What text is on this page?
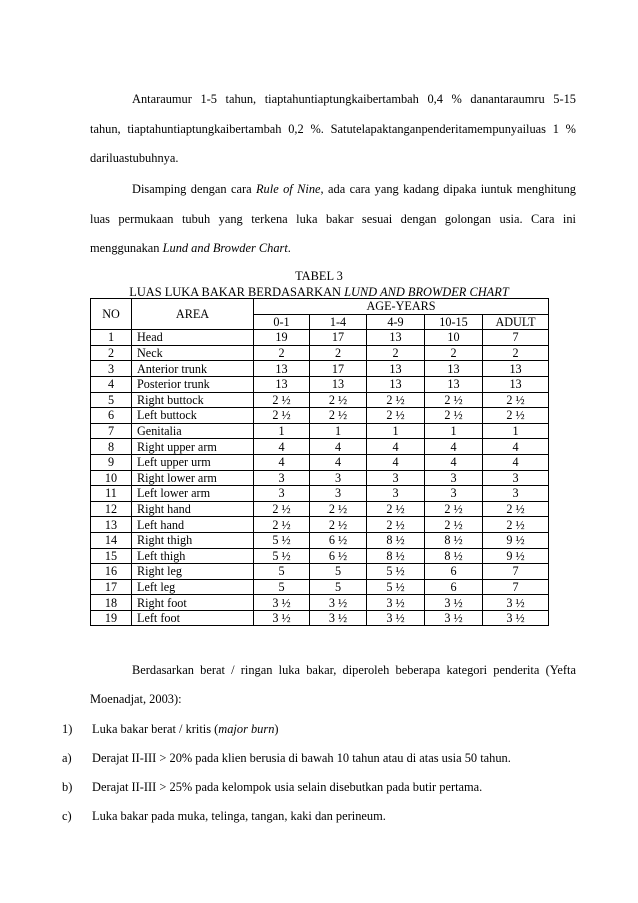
Antaraumur 1-5 tahun, tiaptahuntiaptungkaibertambah 0,4 % danantaraumru 5-15
tahun, tiaptahuntiaptungkaibertambah 0,2 %. Satutelapaktanganpenderitamempunyailuas 1 %
dariluastubuhnya.
Disamping dengan cara Rule of Nine, ada cara yang kadang dipaka iuntuk menghitung
luas permukaan tubuh yang terkena luka bakar sesuai dengan golongan usia. Cara ini
menggunakan Lund and Browder Chart.
TABEL 3
LUAS LUKA BAKAR BERDASARKAN LUND AND BROWDER CHART
NO	AREA	AGE-YEARS				
		0-1	1-4	4-9	10-15	ADULT
1	Head	19	17	13	10	7
2	Neck	2	2	2	2	2
3	Anterior trunk	13	17	13	13	13
4	Posterior trunk	13	13	13	13	13
5	Right buttock	2 ½	2 ½	2 ½	2 ½	2 ½
6	Left buttock	2 ½	2 ½	2 ½	2 ½	2 ½
7	Genitalia	1	1	1	1	1
8	Right upper arm	4	4	4	4	4
9	Left upper urm	4	4	4	4	4
10	Right lower arm	3	3	3	3	3
11	Left lower arm	3	3	3	3	3
12	Right hand	2 ½	2 ½	2 ½	2 ½	2 ½
13	Left hand	2 ½	2 ½	2 ½	2 ½	2 ½
14	Right thigh	5 ½	6 ½	8 ½	8 ½	9 ½
15	Left thigh	5 ½	6 ½	8 ½	8 ½	9 ½
16	Right leg	5	5	5 ½	6	7
17	Left leg	5	5	5 ½	6	7
18	Right foot	3 ½	3 ½	3 ½	3 ½	3 ½
19	Left foot	3 ½	3 ½	3 ½	3 ½	3 ½
Berdasarkan berat / ringan luka bakar, diperoleh beberapa kategori penderita (Yefta
Moenadjat, 2003):
1) Luka bakar berat / kritis (major burn)
a) Derajat II-III > 20% pada klien berusia di bawah 10 tahun atau di atas usia 50 tahun.
b) Derajat II-III > 25% pada kelompok usia selain disebutkan pada butir pertama.
c) Luka bakar pada muka, telinga, tangan, kaki dan perineum.
